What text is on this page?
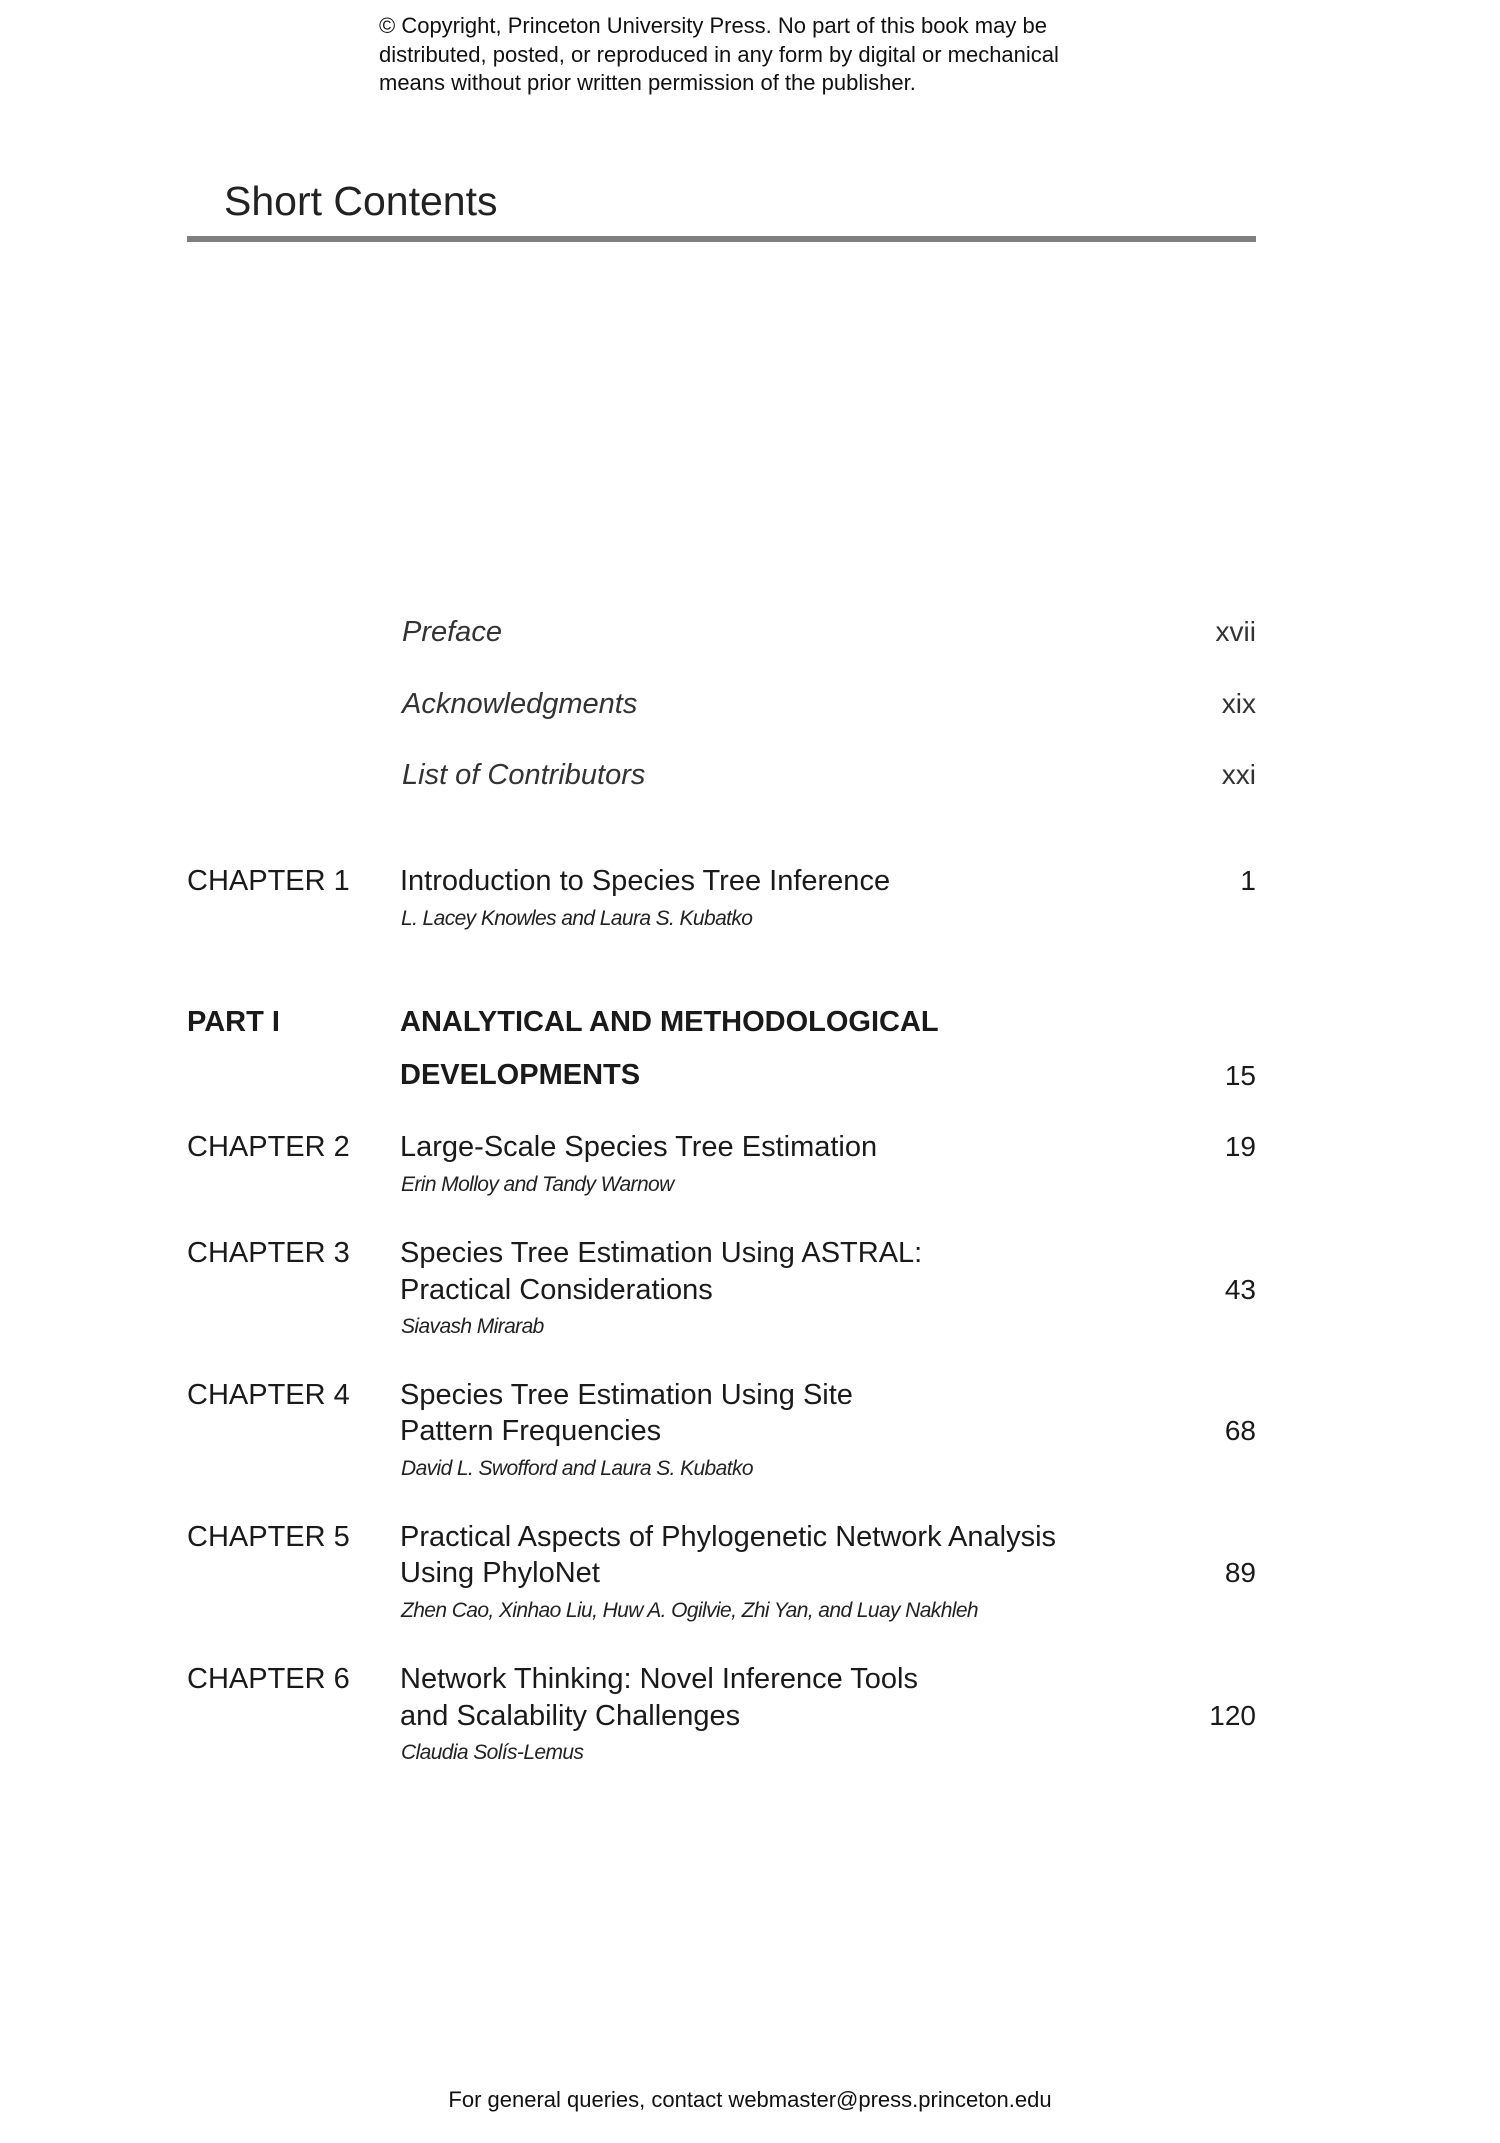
© Copyright, Princeton University Press. No part of this book may be
distributed, posted, or reproduced in any form by digital or mechanical
means without prior written permission of the publisher.
Short Contents
Preface	xvii
Acknowledgments	xix
List of Contributors	xxi
CHAPTER 1 Introduction to Species Tree Inference	1
L. Lacey Knowles and Laura S. Kubatko
PART I	ANALYTICAL AND METHODOLOGICAL
DEVELOPMENTS	15
CHAPTER 2 Large-Scale Species Tree Estimation	19
Erin Molloy and Tandy Warnow
CHAPTER 3 Species Tree Estimation Using ASTRAL:
Practical Considerations	43
Siavash Mirarab
CHAPTER 4 Species Tree Estimation Using Site
Pattern Frequencies	68
David L. Swofford and Laura S. Kubatko
CHAPTER 5 Practical Aspects of Phylogenetic Network Analysis
Using PhyloNet	89
Zhen Cao, Xinhao Liu, Huw A. Ogilvie, Zhi Yan, and Luay Nakhleh
CHAPTER 6 Network Thinking: Novel Inference Tools
and Scalability Challenges	120
Claudia Solís-Lemus
For general queries, contact webmaster@press.princeton.edu
